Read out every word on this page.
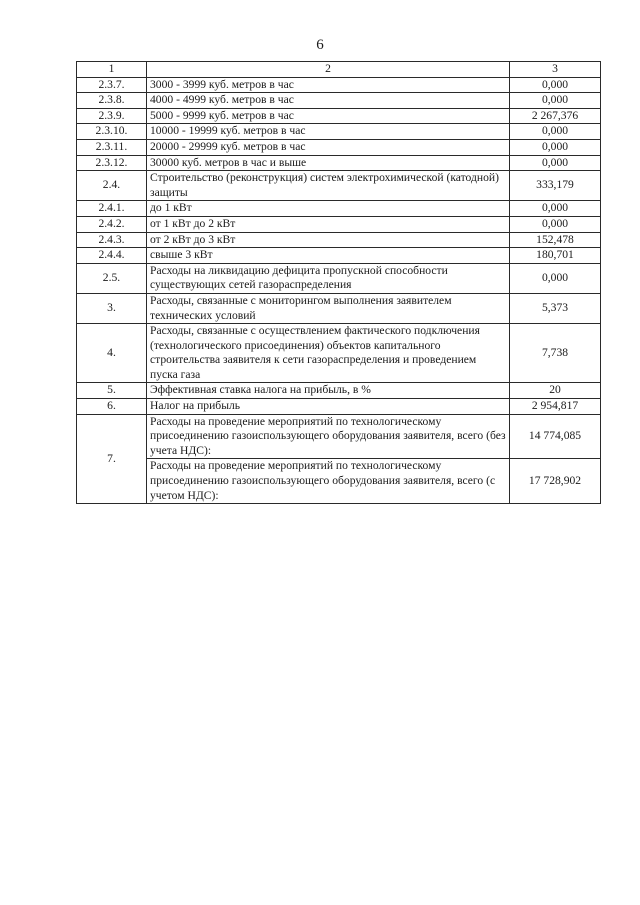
6
1	2	3
2.3.7.	3000 - 3999 куб. метров в час	0,000
2.3.8.	4000 - 4999 куб. метров в час	0,000
2.3.9.	5000 - 9999 куб. метров в час	2 267,376
2.3.10.	10000 - 19999 куб. метров в час	0,000
2.3.11.	20000 - 29999 куб. метров в час	0,000
2.3.12.	30000 куб. метров в час и выше	0,000
2.4.	Строительство (реконструкция) систем электрохимической (катодной) защиты	333,179
2.4.1.	до 1 кВт	0,000
2.4.2.	от 1 кВт до 2 кВт	0,000
2.4.3.	от 2 кВт до 3 кВт	152,478
2.4.4.	свыше 3 кВт	180,701
2.5.	Расходы на ликвидацию дефицита пропускной способности существующих сетей газораспределения	0,000
3.	Расходы, связанные с мониторингом выполнения заявителем технических условий	5,373
4.	Расходы, связанные с осуществлением фактического подключения (технологического присоединения) объектов капитального строительства заявителя к сети газораспределения и проведением пуска газа	7,738
5.	Эффективная ставка налога на прибыль, в %	20
6.	Налог на прибыль	2 954,817
7.	Расходы на проведение мероприятий по технологическому присоединению газоиспользующего оборудования заявителя, всего (без учета НДС):	14 774,085
	Расходы на проведение мероприятий по технологическому присоединению газоиспользующего оборудования заявителя, всего (с учетом НДС):	17 728,902
